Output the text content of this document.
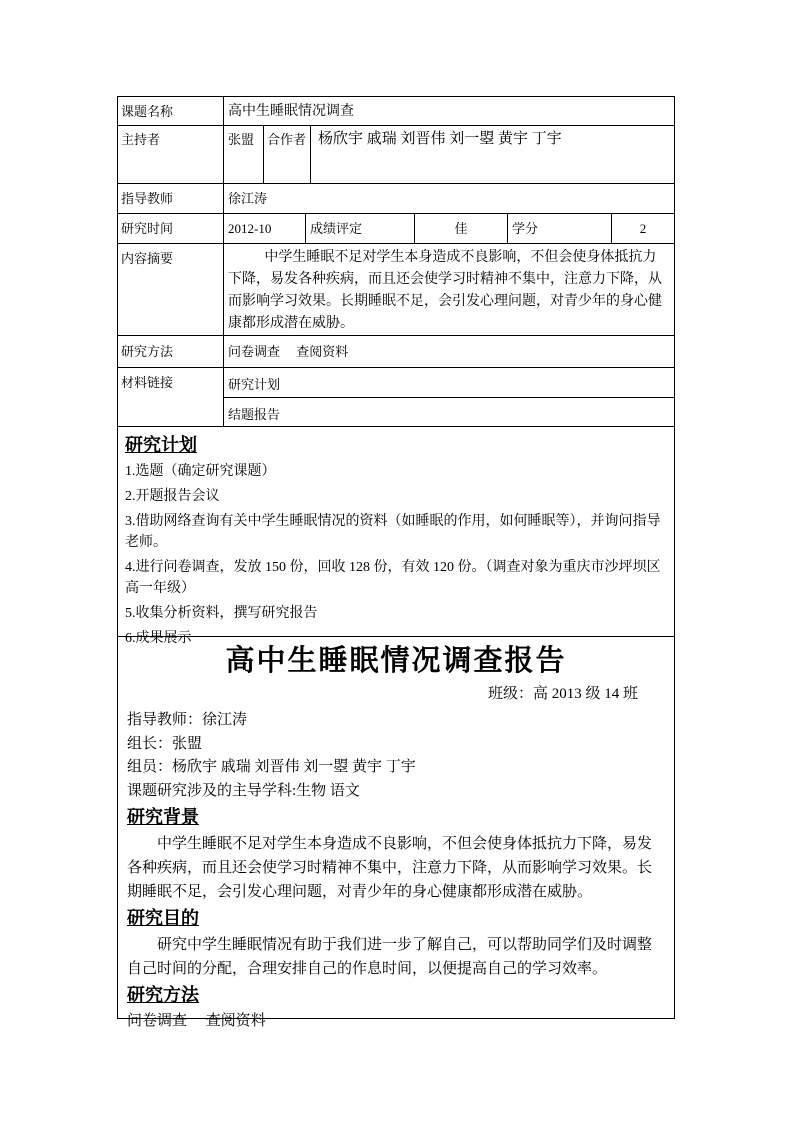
课题名称	高中生睡眠情况调查
主持者	张盟 合作者 杨欣宇 戚瑞 刘晋伟 刘一曌 黄宇 丁宇
指导教师	徐江涛
研究时间	2012-10	成绩评定	佳	学分	2
内容摘要	中学生睡眠不足对学生本身造成不良影响，不但会使身体抵抗力下降，易发各种疾病，而且还会使学习时精神不集中，注意力下降，从而影响学习效果。长期睡眠不足，会引发心理问题，对青少年的身心健康都形成潜在威胁。
研究方法	问卷调查　 查阅资料
材料链接	研究计划
结题报告
研究计划
1.选题（确定研究课题）
2.开题报告会议
3.借助网络查询有关中学生睡眠情况的资料（如睡眠的作用，如何睡眠等），并询问指导老师。
4.进行问卷调查，发放 150 份，回收 128 份，有效 120 份。（调查对象为重庆市沙坪坝区高一年级）
5.收集分析资料，撰写研究报告
6.成果展示
高中生睡眠情况调查报告
班级：高 2013 级 14 班
指导教师：徐江涛
组长：张盟
组员：杨欣宇 戚瑞 刘晋伟 刘一曌 黄宇 丁宇
课题研究涉及的主导学科:生物 语文
研究背景

中学生睡眠不足对学生本身造成不良影响，不但会使身体抵抗力下降，易发各种疾病，而且还会使学习时精神不集中，注意力下降，从而影响学习效果。长期睡眠不足，会引发心理问题，对青少年的身心健康都形成潜在威胁。

研究目的

研究中学生睡眠情况有助于我们进一步了解自己，可以帮助同学们及时调整自己时间的分配，合理安排自己的作息时间，以便提高自己的学习效率。

研究方法
问卷调查　 查阅资料
